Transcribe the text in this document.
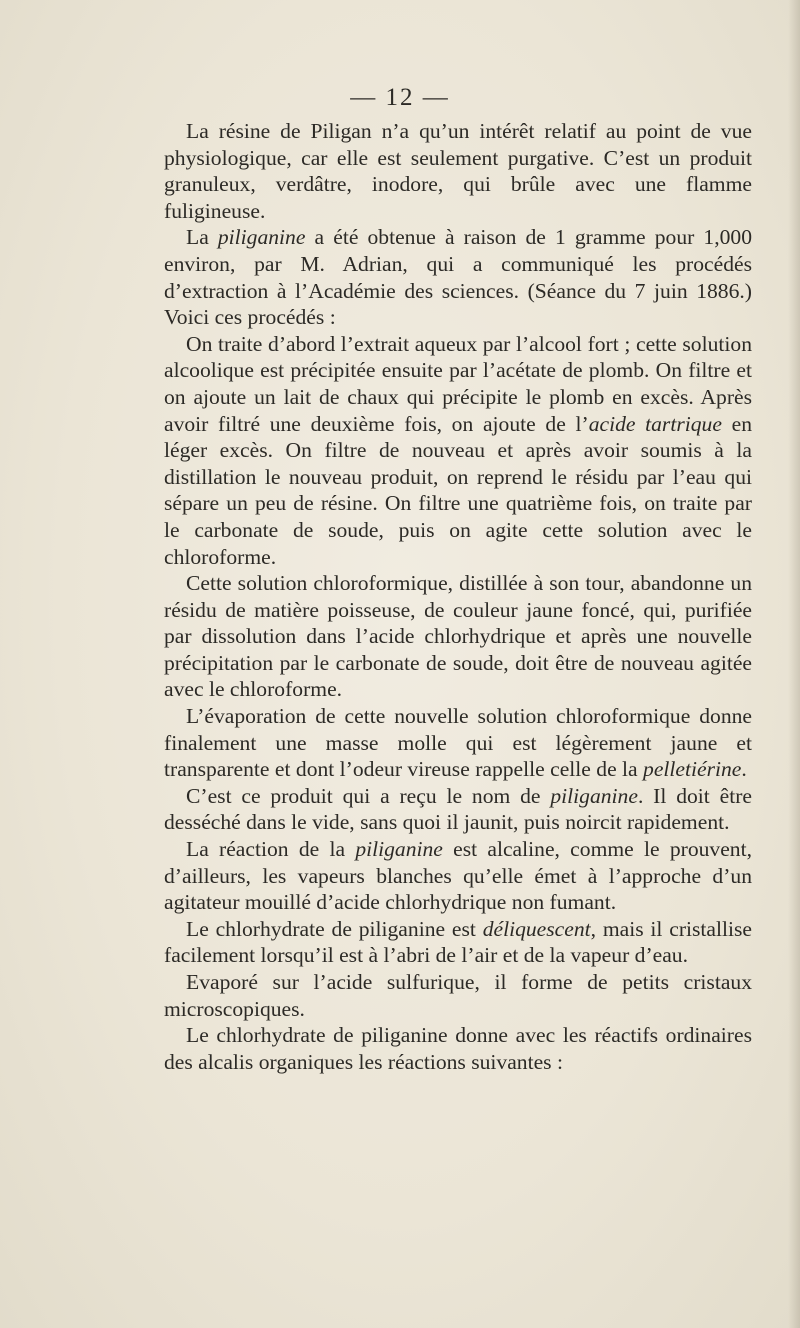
— 12 —

La résine de Piligan n’a qu’un intérêt relatif au point de vue physiologique, car elle est seulement purgative. C’est un produit granuleux, verdâtre, inodore, qui brûle avec une flamme fuligineuse.

La piliganine a été obtenue à raison de 1 gramme pour 1,000 environ, par M. Adrian, qui a communiqué les procédés d’extraction à l’Académie des sciences. (Séance du 7 juin 1886.) Voici ces procédés :

On traite d’abord l’extrait aqueux par l’alcool fort ; cette solution alcoolique est précipitée ensuite par l’acétate de plomb. On filtre et on ajoute un lait de chaux qui précipite le plomb en excès. Après avoir filtré une deuxième fois, on ajoute de l’acide tartrique en léger excès. On filtre de nouveau et après avoir soumis à la distillation le nouveau produit, on reprend le résidu par l’eau qui sépare un peu de résine. On filtre une quatrième fois, on traite par le carbonate de soude, puis on agite cette solution avec le chloroforme.

Cette solution chloroformique, distillée à son tour, abandonne un résidu de matière poisseuse, de couleur jaune foncé, qui, purifiée par dissolution dans l’acide chlorhydrique et après une nouvelle précipitation par le carbonate de soude, doit être de nouveau agitée avec le chloroforme.

L’évaporation de cette nouvelle solution chloroformique donne finalement une masse molle qui est légèrement jaune et transparente et dont l’odeur vireuse rappelle celle de la pelletiérine.

C’est ce produit qui a reçu le nom de piliganine. Il doit être desséché dans le vide, sans quoi il jaunit, puis noircit rapidement.

La réaction de la piliganine est alcaline, comme le prouvent, d’ailleurs, les vapeurs blanches qu’elle émet à l’approche d’un agitateur mouillé d’acide chlorhydrique non fumant.

Le chlorhydrate de piliganine est déliquescent, mais il cristallise facilement lorsqu’il est à l’abri de l’air et de la vapeur d’eau.

Evaporé sur l’acide sulfurique, il forme de petits cristaux microscopiques.

Le chlorhydrate de piliganine donne avec les réactifs ordinaires des alcalis organiques les réactions suivantes :
